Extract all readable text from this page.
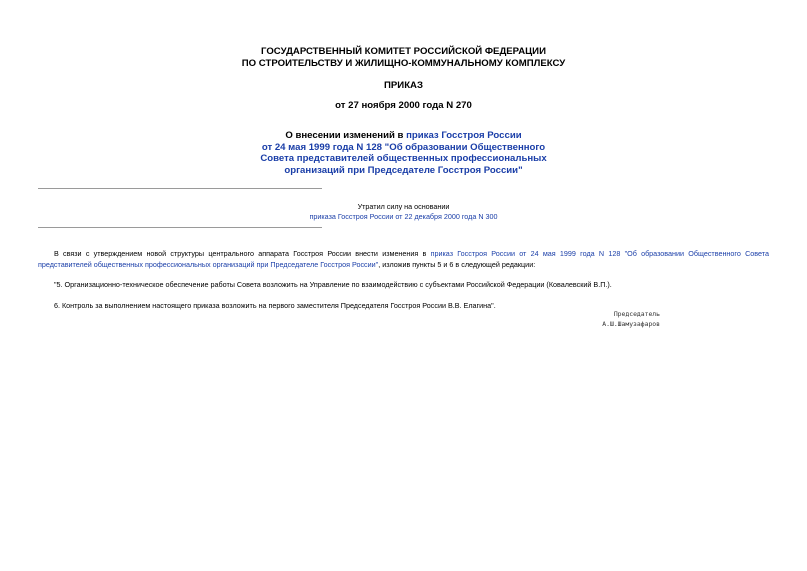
ГОСУДАРСТВЕННЫЙ КОМИТЕТ РОССИЙСКОЙ ФЕДЕРАЦИИ
ПО СТРОИТЕЛЬСТВУ И ЖИЛИЩНО-КОММУНАЛЬНОМУ КОМПЛЕКСУ
ПРИКАЗ
от 27 ноября 2000 года N 270
О внесении изменений в приказ Госстроя России
от 24 мая 1999 года N 128 "Об образовании Общественного
Совета представителей общественных профессиональных
организаций при Председателе Госстроя России"
Утратил силу на основании
приказа Госстроя России от 22 декабря 2000 года N 300
В связи с утверждением новой структуры центрального аппарата Госстроя России внести изменения в приказ Госстроя России от 24 мая 1999 года N 128 "Об образовании Общественного Совета
представителей общественных профессиональных организаций при Председателе Госстроя России", изложив пункты 5 и 6 в следующей редакции:
"5. Организационно-техническое обеспечение работы Совета возложить на Управление по взаимодействию с субъектами Российской Федерации (Ковалевский В.П.).
6. Контроль за выполнением настоящего приказа возложить на первого заместителя Председателя Госстроя России В.В. Елагина".
Председатель
А.Ш.Шамузафаров
